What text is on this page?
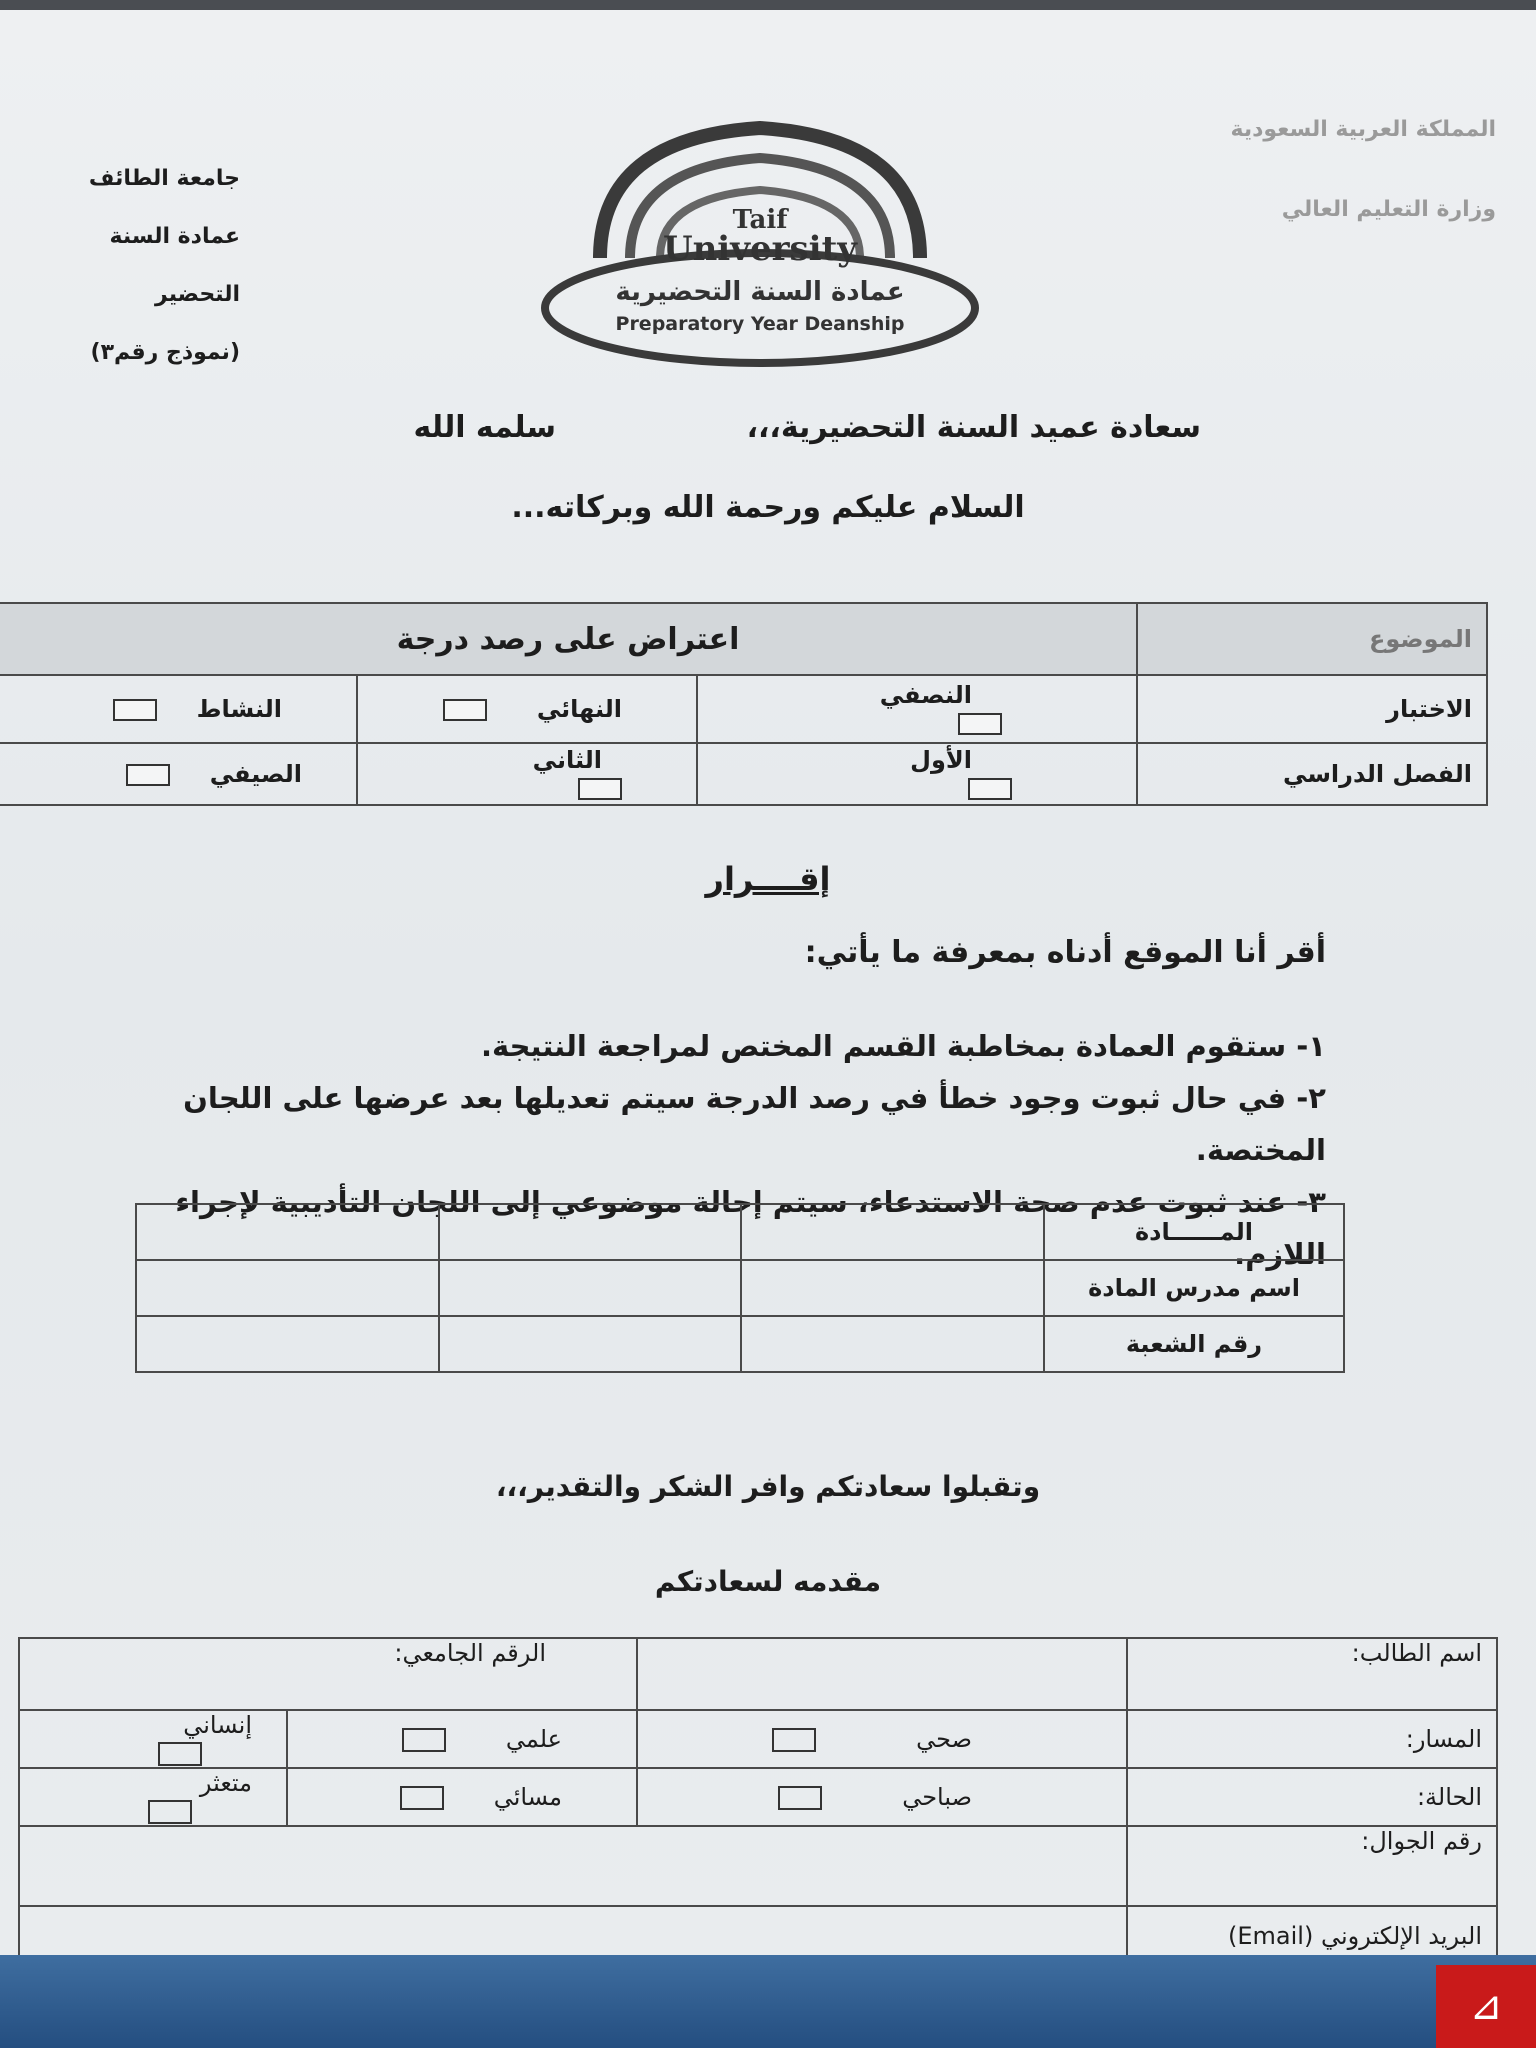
المملكة العربية السعودية
وزارة التعليم العالي
جامعة الطائف
عمادة السنة التحضير
(نموذج رقم٣)
Taif
University
عمادة السنة التحضيرية
Preparatory Year Deanship
سعادة عميد السنة التحضيرية،،،
سلمه الله
السلام عليكم ورحمة الله وبركاته...
الموضوع	اعتراض على رصد درجة		
الاختبار	النصفي	النهائي	النشاط
الفصل الدراسي	الأول	الثاني	الصيفي
إقــــرار
أقر أنا الموقع أدناه بمعرفة ما يأتي:
١- ستقوم العمادة بمخاطبة القسم المختص لمراجعة النتيجة.
٢- في حال ثبوت وجود خطأ في رصد الدرجة سيتم تعديلها بعد عرضها على اللجان المختصة.
٣- عند ثبوت عدم صحة الاستدعاء، سيتم إحالة موضوعي إلى اللجان التأديبية لإجراء اللازم.
المــــــادة			
اسم مدرس المادة			
رقم الشعبة			
وتقبلوا سعادتكم وافر الشكر والتقدير،،،
مقدمه لسعادتكم
اسم الطالب:		الرقم الجامعي:	
المسار:	صحي	علمي	إنساني
الحالة:	صباحي	مسائي	متعثر
رقم الجوال:			
البريد الإلكتروني (Email)			
⊿
